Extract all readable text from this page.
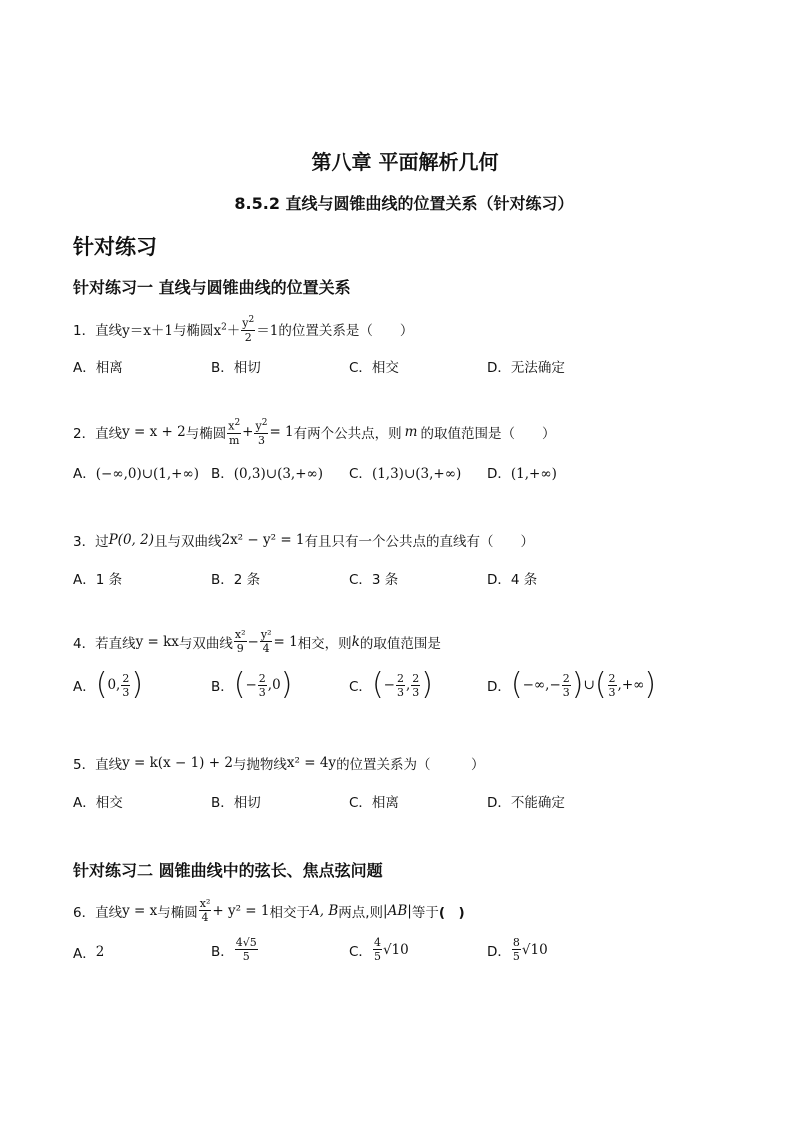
第八章 平面解析几何
8.5.2 直线与圆锥曲线的位置关系（针对练习）
针对练习
针对练习一 直线与圆锥曲线的位置关系
1． 直线 y＝x＋1 与椭圆 $x^2+ \frac{y^2}{2} =1$ 的位置关系是（　　）
A．相离	B．相切	C．相交	D．无法确定
2． 直线 y = x + 2 与椭圆 $\frac{x^2}{m} + \frac{y^2}{3} = 1$ 有两个公共点，则 m 的取值范围是（　　）
A．(−∞,0)∪(1,+∞) B．(0,3)∪(3,+∞) C．(1,3)∪(3,+∞) D．(1,+∞)
3． 过 P(0, 2) 且与双曲线 2x² − y² = 1 有且只有一个公共点的直线有（　　）
A．1 条	B．2 条	C．3 条	D．4 条
4． 若直线 y = kx 与双曲线 $\frac{\text{x²}}{9} - \frac{\text{y²}}{4} = 1$ 相交，则 k 的取值范围是
A． ( 0, $\frac{2}{3}$ )	B． ( − $\frac{2}{3} ,0$ )	C． ( − $\frac{2}{3}$ , $\frac{2}{3}$ )	D． ( −∞,− $\frac{2}{3}$ ) ∪ ( $\frac{2}{3}$ ,+∞ )
5． 直线 y = k(x − 1) + 2 与抛物线 x² = 4y 的位置关系为（　　　）
A．相交	B．相切	C．相离	D．不能确定
针对练习二 圆锥曲线中的弦长、焦点弦问题
6． 直线 y = x 与椭圆 $\frac{\text{x²}}{4} + y^2 = 1$ 相交于 A, B 两点,则 |AB| 等于 (　)
A． 2	B． $\frac{4√5}{5}$	C． $\frac{4}{5} √10$	D． $\frac{8}{5} √10$
